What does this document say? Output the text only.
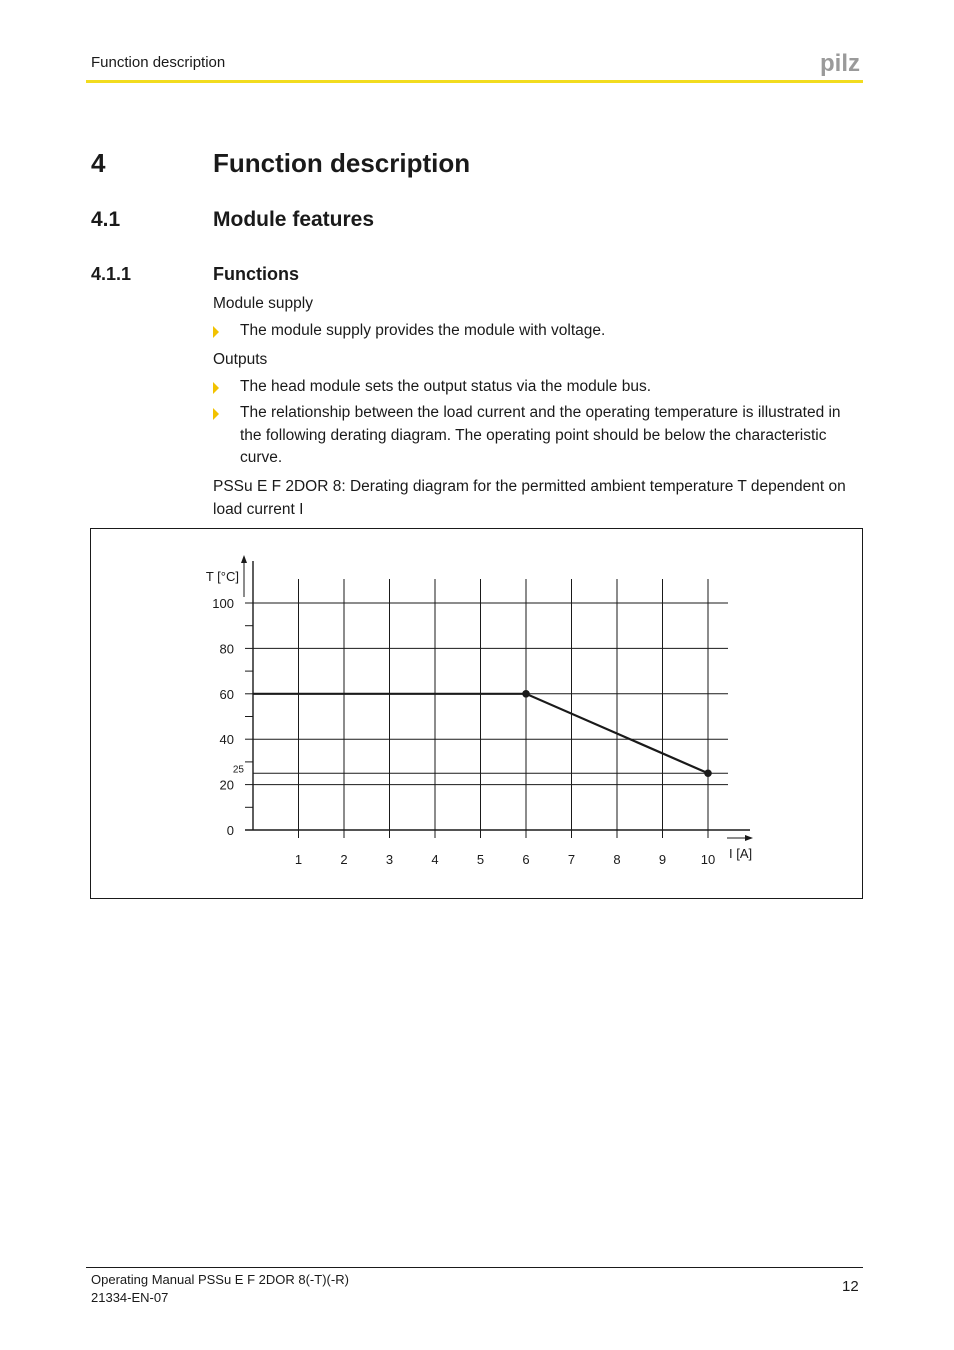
Function description	pilz
4	Function description
4.1	Module features
4.1.1	Functions
Module supply
The module supply provides the module with voltage.
Outputs
The head module sets the output status via the module bus.
The relationship between the load current and the operating temperature is illustrated in the following derating diagram. The operating point should be below the characteristic curve.
PSSu E F 2DOR 8: Derating diagram for the permitted ambient temperature T dependent on load current I
1	2	3	4	5	6	7	8	9	10
0
20
40
60
80
100
25
T [°C]
I [A]
Operating Manual PSSu E F 2DOR 8(-T)(-R)
21334-EN-07
12
